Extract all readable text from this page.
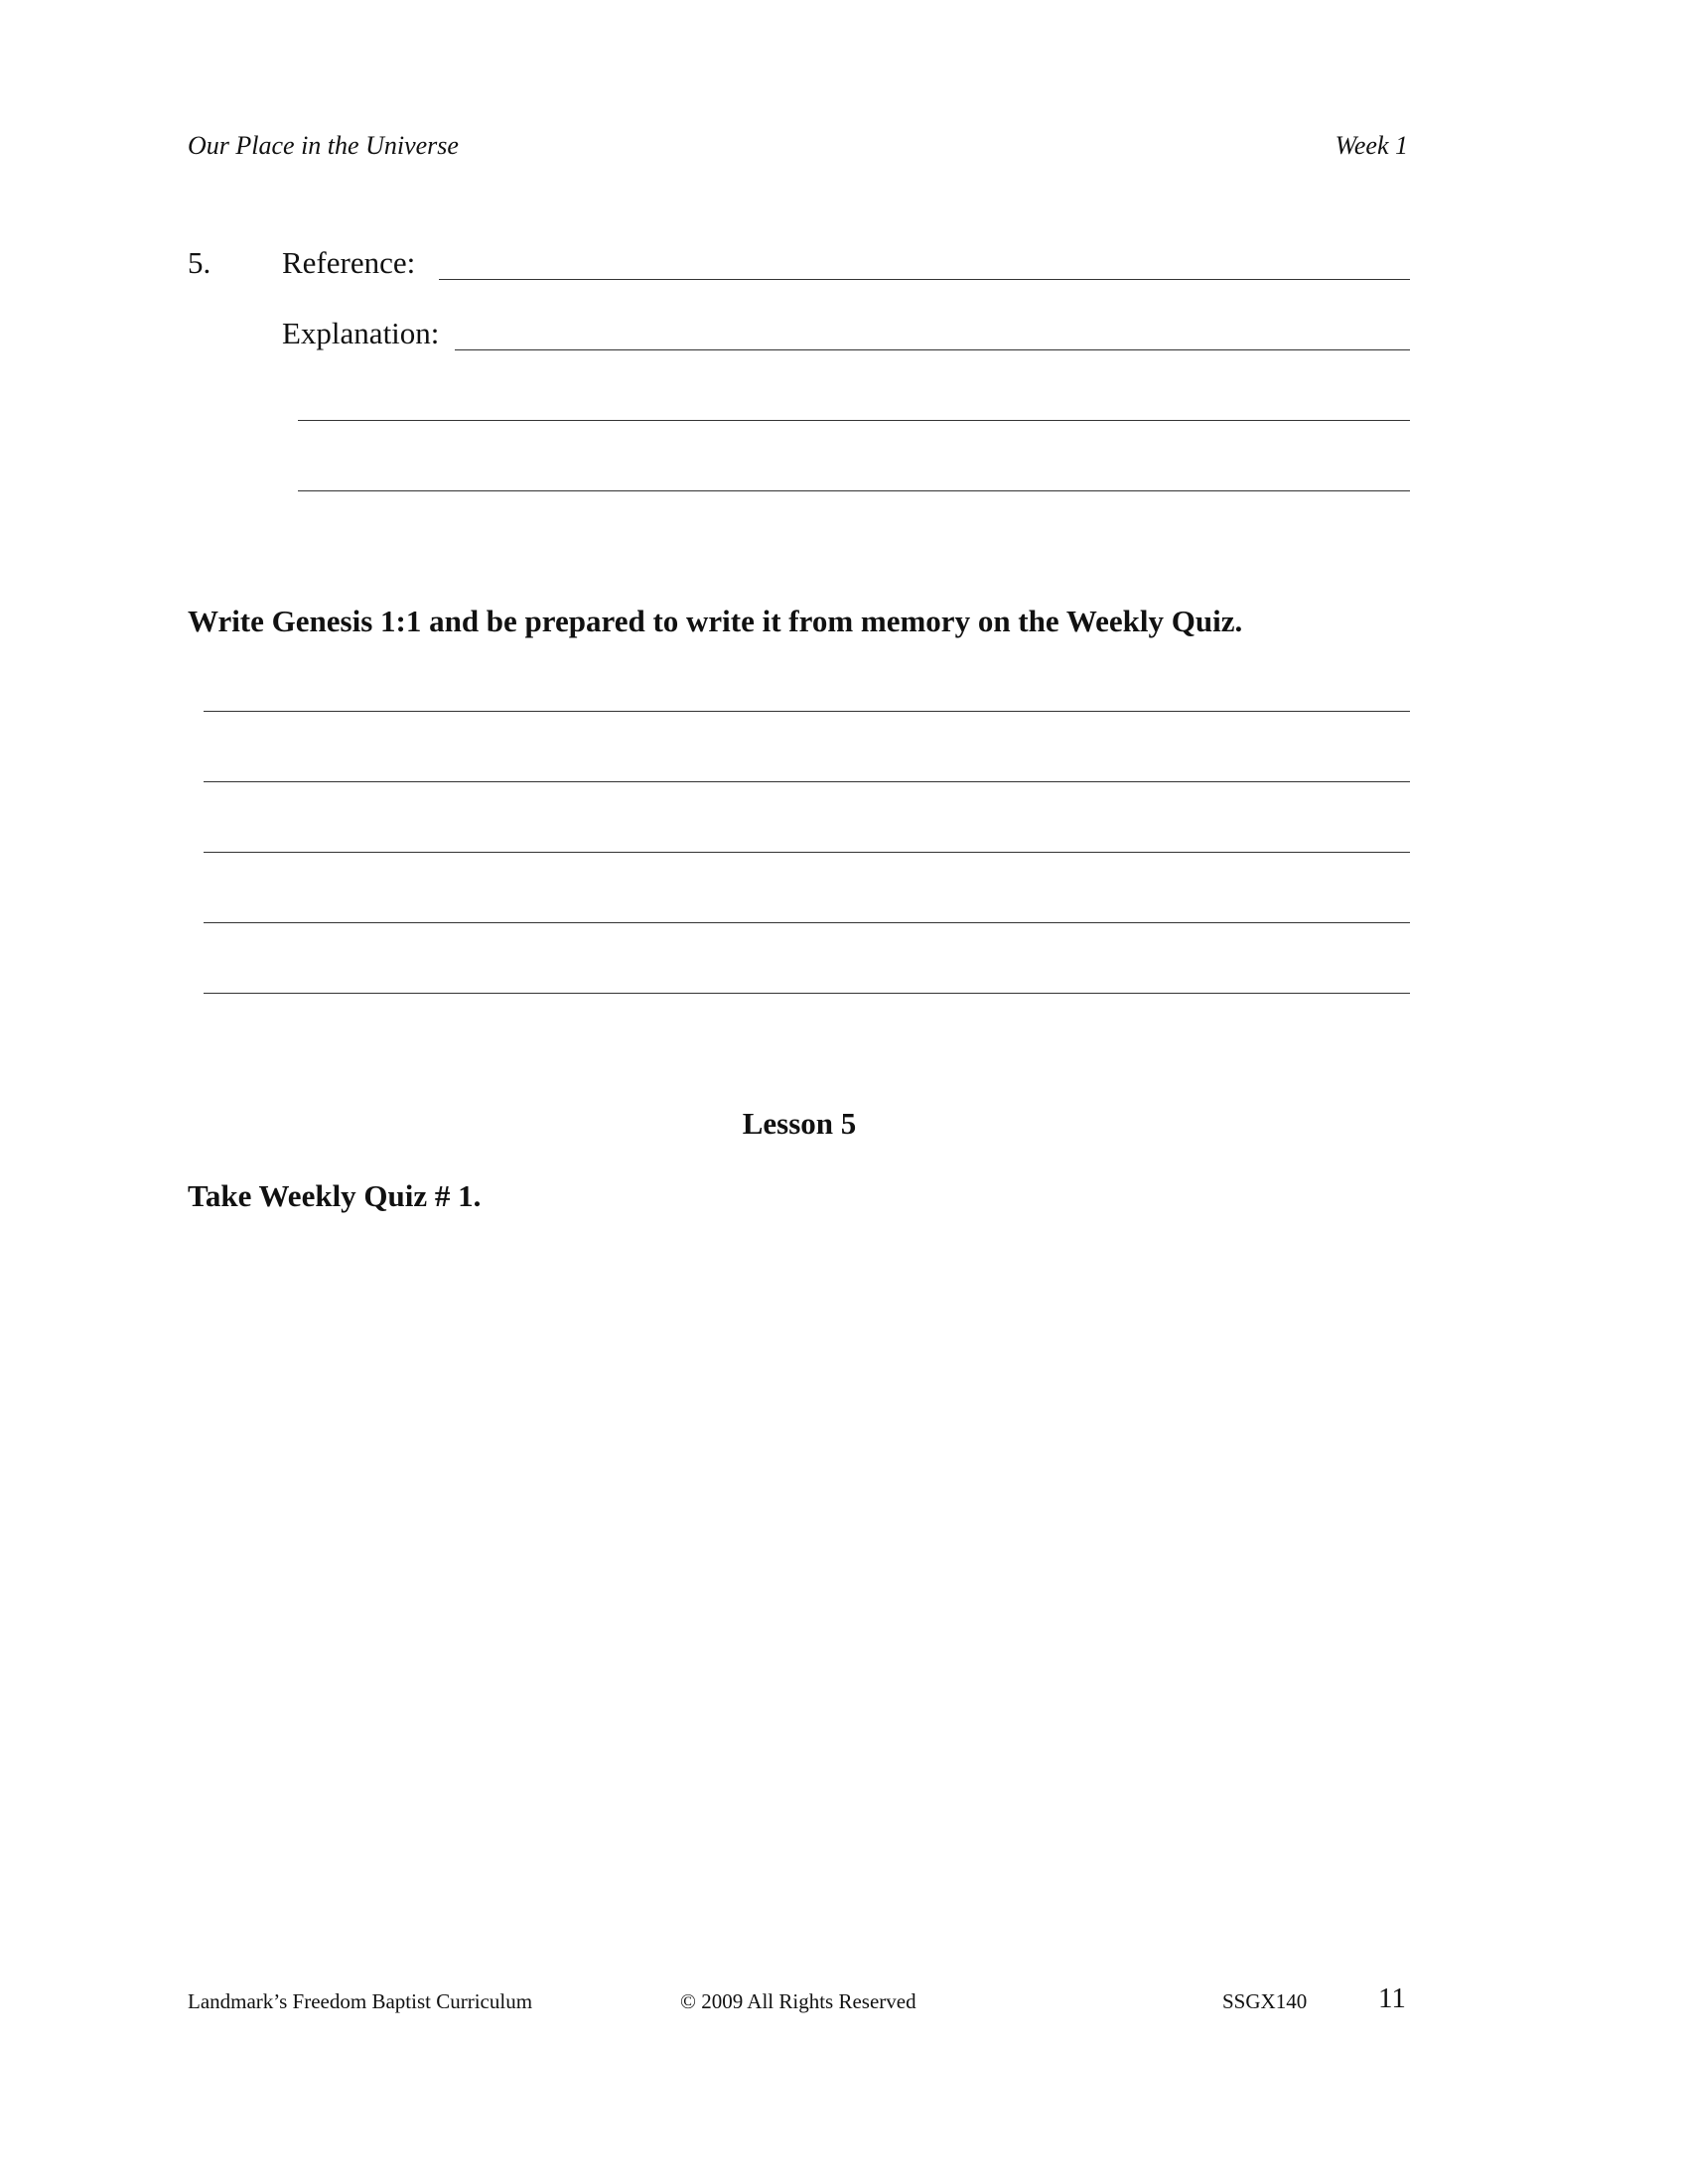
Our Place in the Universe	Week 1
5. Reference:
Explanation:
Write Genesis 1:1 and be prepared to write it from memory on the Weekly Quiz.
Lesson 5
Take Weekly Quiz # 1.
Landmark’s Freedom Baptist Curriculum	© 2009 All Rights Reserved	SSGX140 11
